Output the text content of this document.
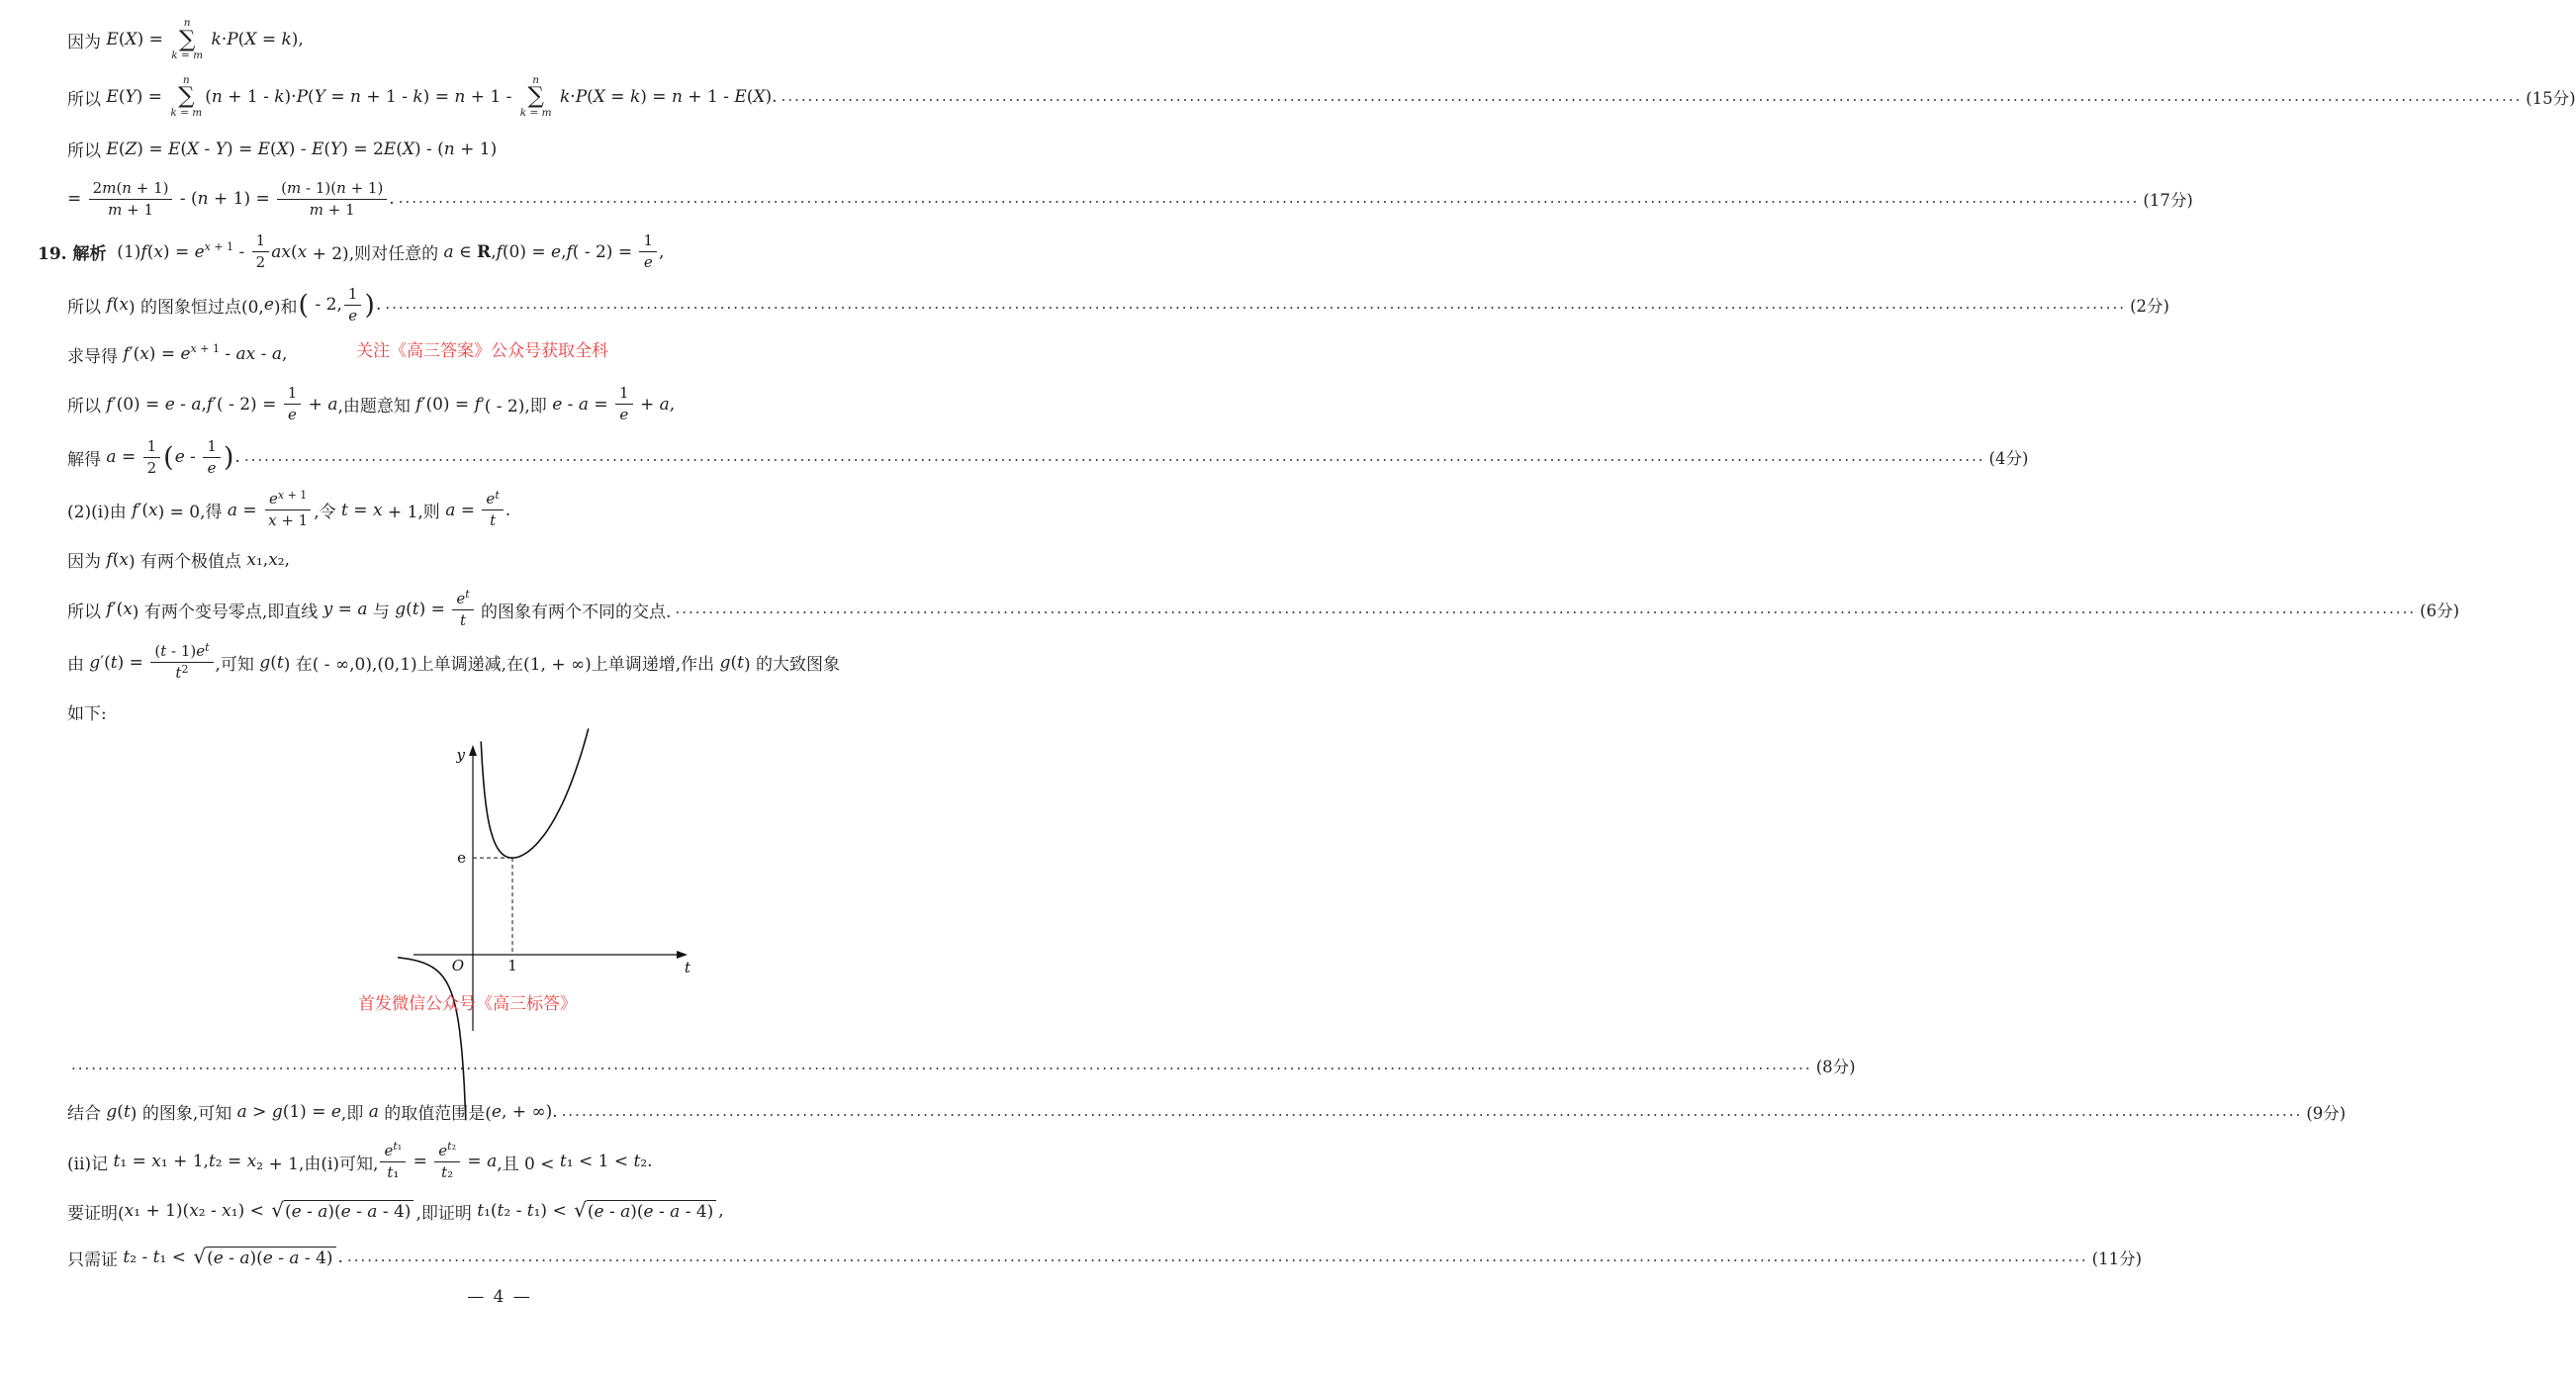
关注《高三答案》公众号获取全科
首发微信公众号《高三标答》
因为 E ( X ) =
n
∑
k = m

k · P ( X = k ),
所以 E ( Y ) =
n
∑
k = m
( n + 1 - k )· P ( Y = n + 1 - k ) = n + 1 -
n
∑
k = m

k · P ( X = k ) = n + 1 - E ( X ). ···································································································································································································································································· (15分)
所以 E ( Z ) = E ( X - Y ) = E ( X ) - E ( Y ) = 2 E ( X ) - ( n + 1)
= $\frac{2m(n + 1)}{m + 1}$ - ( $n + 1) = \frac{(m - 1)(n + 1)}{m + 1}$ . ···································································································································································································································································· (17分)
19. 解析 (1) f ( x ) = e $x + 1 - \frac{1}{2}$ ax ( x + 2),则对任意的 a ∈ R , f (0) = e , f ( - $2) = \frac{1}{e}$ ,
所以 f ( x ) 的图象恒过点(0, e )和 ( - 2, $\frac{1}{e}$ ) . ···································································································································································································································································· (2分)
求导得 f ′( x ) = e x + 1 - ax - a ,
所以 f ′(0) = e - a , f ′( - $2) = \frac{1}{e} + a$ ,由题意知 f ′(0) = f ′( - 2),即 $e - a = \frac{1}{e} + a$ ,
解得 $a = \frac{1}{2}$ ( e - $\frac{1}{e}$ ) . ···································································································································································································································································· (4分)
(2)(ⅰ)由 f ′( x ) = 0,得 $a = \frac{e^{x + 1}}{x + 1}$ ,令 t = x + 1,则 $a = \frac{e^t}{t}$ .
因为 f ( x ) 有两个极值点 x ₁, x ₂,
所以 f ′( x ) 有两个变号零点,即直线 y = a 与 g ( t ) = $\frac{e^t}{t}$ 的图象有两个不同的交点. ···································································································································································································································································· (6分)
由 g ′( t ) = $\frac{(t - 1)e^t}{t^2}$ ,可知 g ( t ) 在( - ∞,0),(0,1)上单调递减,在(1, + ∞)上单调递增,作出 g ( t ) 的大致图象
如下:
y
t
O
e
1
···································································································································································································································································· (8分)
结合 g ( t ) 的图象,可知 a > g (1) = e ,即 a 的取值范围是( e , + ∞). ···································································································································································································································································· (9分)
(ⅱ)记 t ₁ = x ₁ + 1, t ₂ = x ₂ + 1,由(ⅰ)可知, $\frac{e^{t_1}}{\text{t₁}} = \frac{e^{t_2}}{\text{t₂}} = a$ ,且 0 < t ₁ < 1 < t ₂.
要证明( x ₁ + 1)( x ₂ - x ₁) < √ (e - a)(e - a - 4) ,即证明 t ₁( t ₂ - t ₁) < √ (e - a)(e - a - 4) ,
只需证 t ₂ - t ₁ < √ (e - a)(e - a - 4) . ···································································································································································································································································· (11分)
— 4 —
